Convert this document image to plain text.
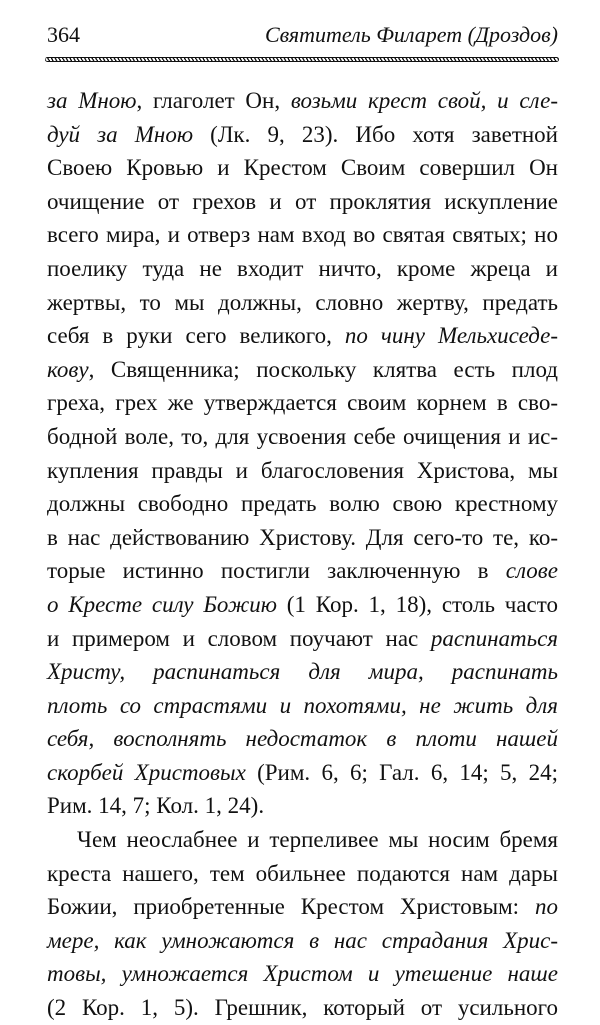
364	Святитель Филарет (Дроздов)
за Мною, глаголет Он, возьми крест свой, и сле-
дуй за Мною (Лк. 9, 23). Ибо хотя заветной
Своею Кровью и Крестом Своим совершил Он
очищение от грехов и от проклятия искупление
всего мира, и отверз нам вход во святая святых; но
поелику туда не входит ничто, кроме жреца и
жертвы, то мы должны, словно жертву, предать
себя в руки сего великого, по чину Мельхиседе-
кову, Священника; поскольку клятва есть плод
греха, грех же утверждается своим корнем в сво-
бодной воле, то, для усвоения себе очищения и ис-
купления правды и благословения Христова, мы
должны свободно предать волю свою крестному
в нас действованию Христову. Для сего-то те, ко-
торые истинно постигли заключенную в слове
о Кресте силу Божию (1 Кор. 1, 18), столь часто
и примером и словом поучают нас распинаться
Христу, распинаться для мира, распинать
плоть со страстями и похотями, не жить для
себя, восполнять недостаток в плоти нашей
скорбей Христовых (Рим. 6, 6; Гал. 6, 14; 5, 24;
Рим. 14, 7; Кол. 1, 24).
Чем неослабнее и терпеливее мы носим бремя
креста нашего, тем обильнее подаются нам дары
Божии, приобретенные Крестом Христовым: по
мере, как умножаются в нас страдания Хрис-
товы, умножается Христом и утешение наше
(2 Кор. 1, 5). Грешник, который от усильного
